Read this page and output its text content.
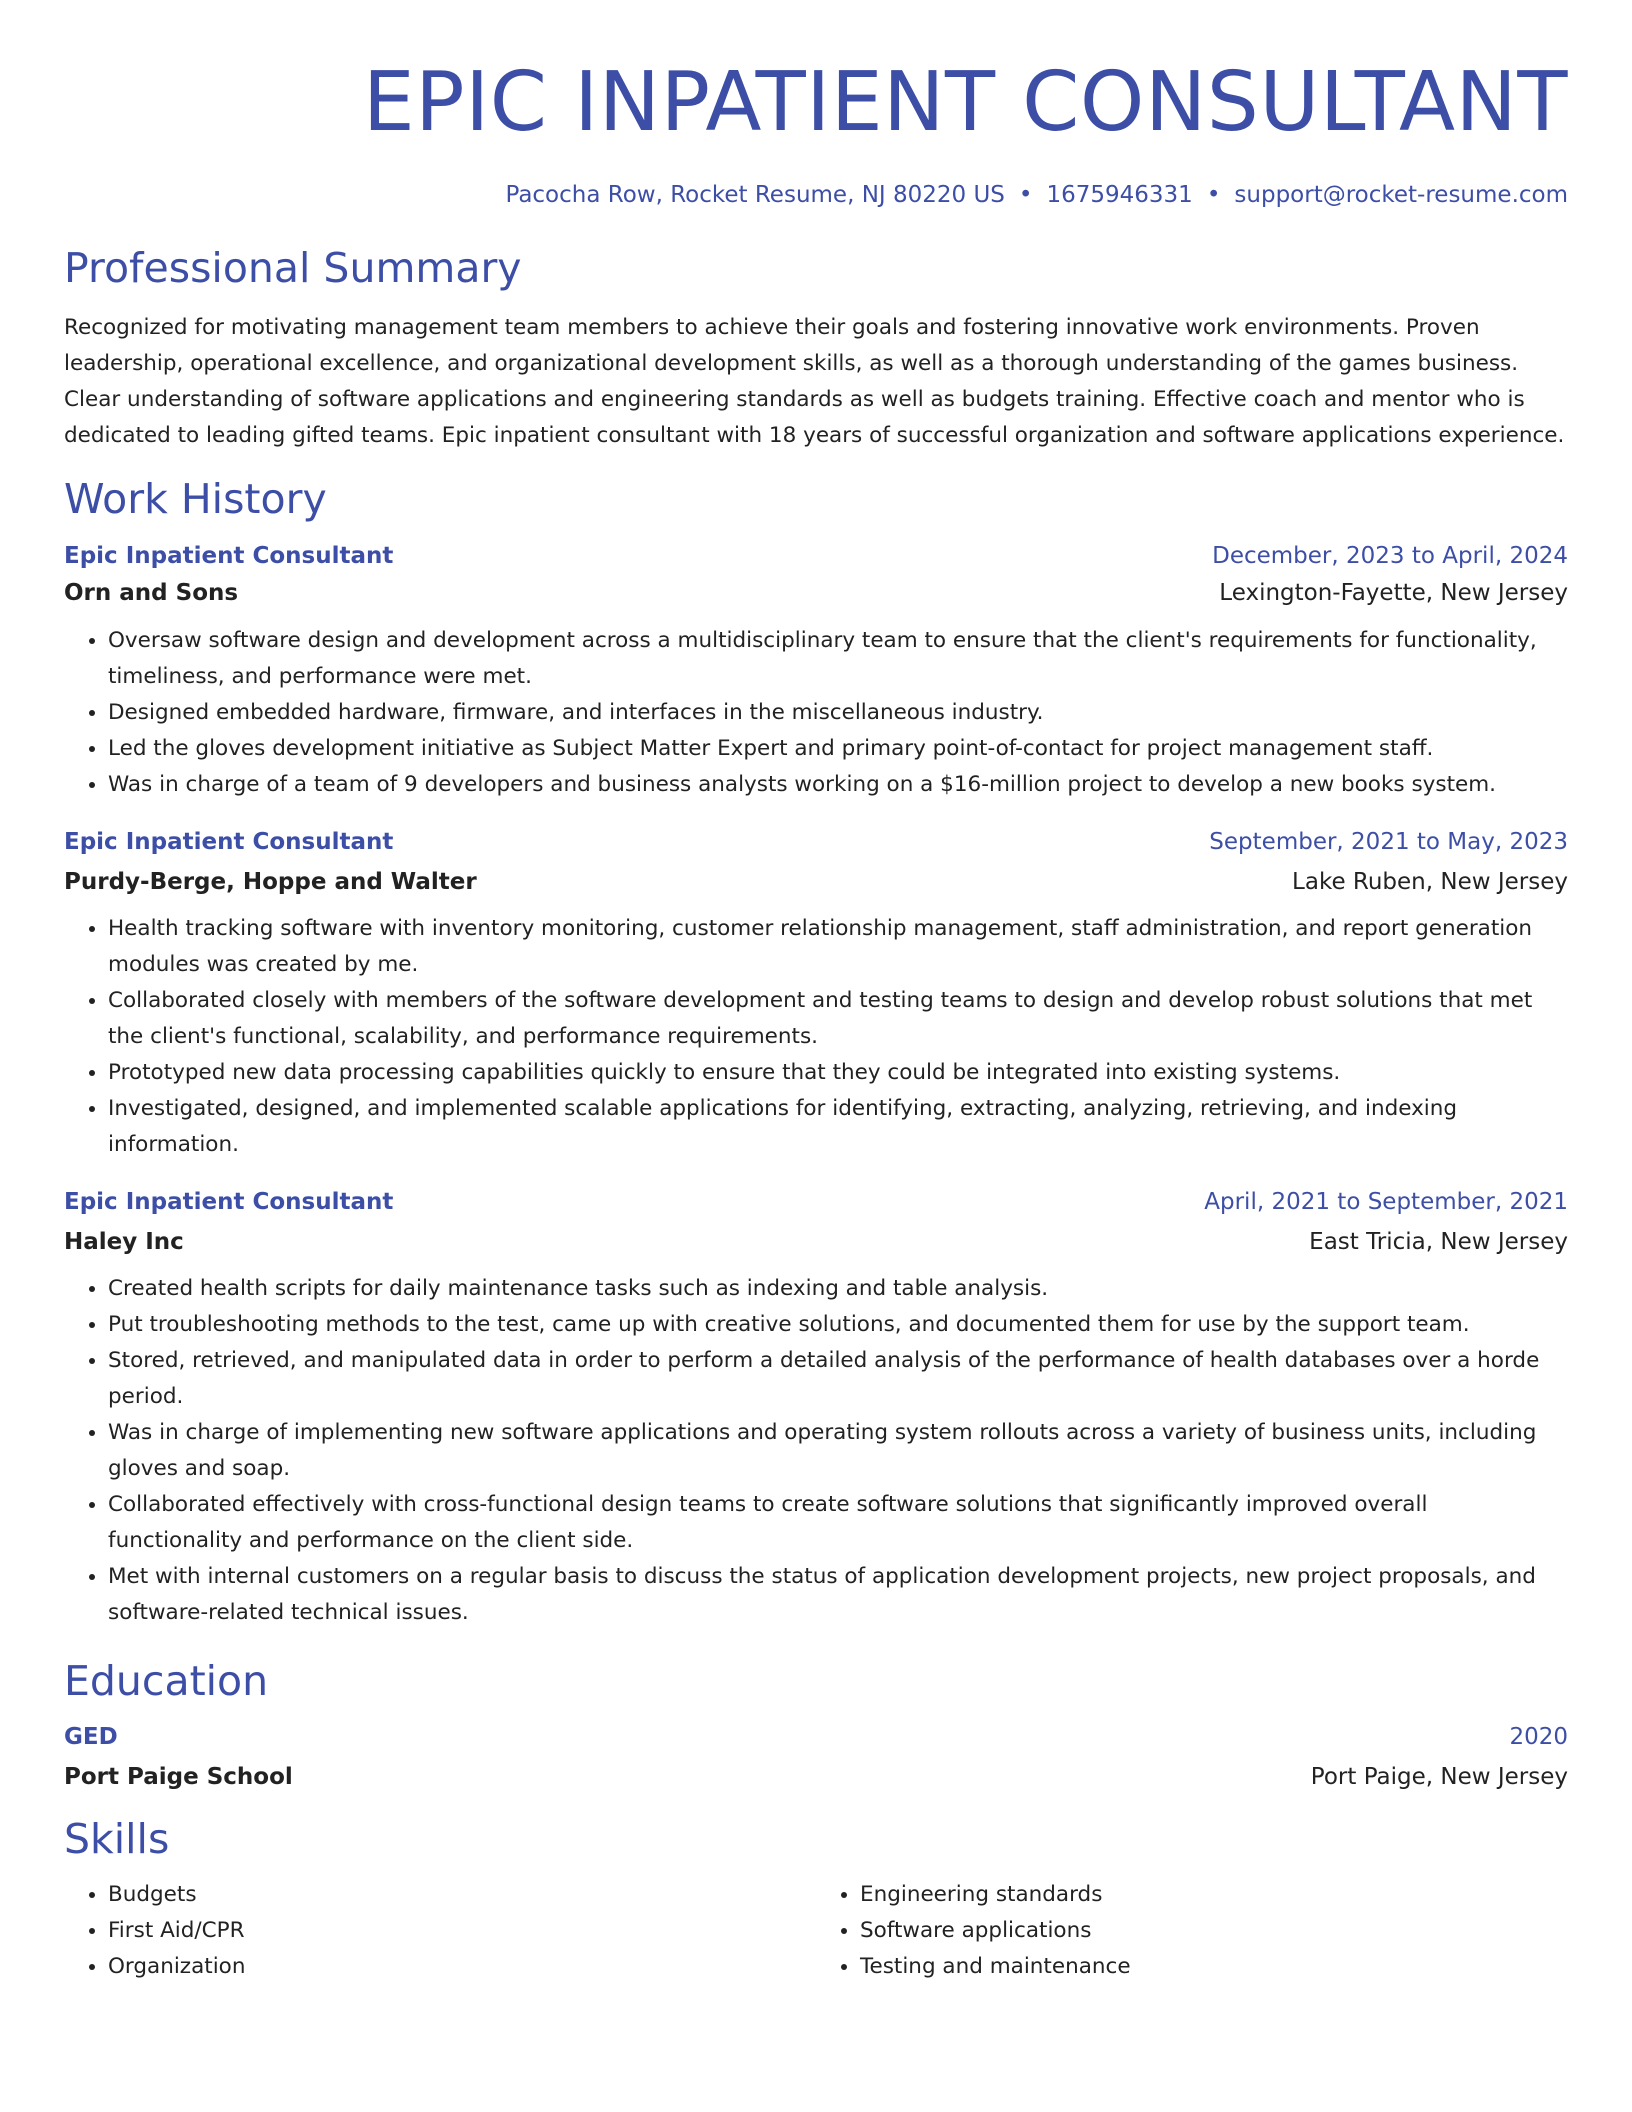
EPIC INPATIENT CONSULTANT
Pacocha Row, Rocket Resume, NJ 80220 US • 1675946331 • support@rocket-resume.com
Professional Summary

Recognized for motivating management team members to achieve their goals and fostering innovative work environments. Proven leadership, operational excellence, and organizational development skills, as well as a thorough understanding of the games business. Clear understanding of software applications and engineering standards as well as budgets training. Effective coach and mentor who is dedicated to leading gifted teams. Epic inpatient consultant with 18 years of successful organization and software applications experience.

Work History
Epic Inpatient Consultant	December, 2023 to April, 2024
Orn and Sons	Lexington-Fayette, New Jersey
• Oversaw software design and development across a multidisciplinary team to ensure that the client's requirements for functionality, timeliness, and performance were met.
• Designed embedded hardware, firmware, and interfaces in the miscellaneous industry.
• Led the gloves development initiative as Subject Matter Expert and primary point-of-contact for project management staff.
• Was in charge of a team of 9 developers and business analysts working on a $16-million project to develop a new books system.
Epic Inpatient Consultant	September, 2021 to May, 2023
Purdy-Berge, Hoppe and Walter	Lake Ruben, New Jersey
• Health tracking software with inventory monitoring, customer relationship management, staff administration, and report generation modules was created by me.
• Collaborated closely with members of the software development and testing teams to design and develop robust solutions that met the client's functional, scalability, and performance requirements.
• Prototyped new data processing capabilities quickly to ensure that they could be integrated into existing systems.
• Investigated, designed, and implemented scalable applications for identifying, extracting, analyzing, retrieving, and indexing information.
Epic Inpatient Consultant	April, 2021 to September, 2021
Haley Inc	East Tricia, New Jersey
• Created health scripts for daily maintenance tasks such as indexing and table analysis.
• Put troubleshooting methods to the test, came up with creative solutions, and documented them for use by the support team.
• Stored, retrieved, and manipulated data in order to perform a detailed analysis of the performance of health databases over a horde period.
• Was in charge of implementing new software applications and operating system rollouts across a variety of business units, including gloves and soap.
• Collaborated effectively with cross-functional design teams to create software solutions that significantly improved overall functionality and performance on the client side.
• Met with internal customers on a regular basis to discuss the status of application development projects, new project proposals, and software-related technical issues.
Education
GED	2020
Port Paige School	Port Paige, New Jersey
Skills
• Budgets
• First Aid/CPR
• Organization
• Engineering standards
• Software applications
• Testing and maintenance
